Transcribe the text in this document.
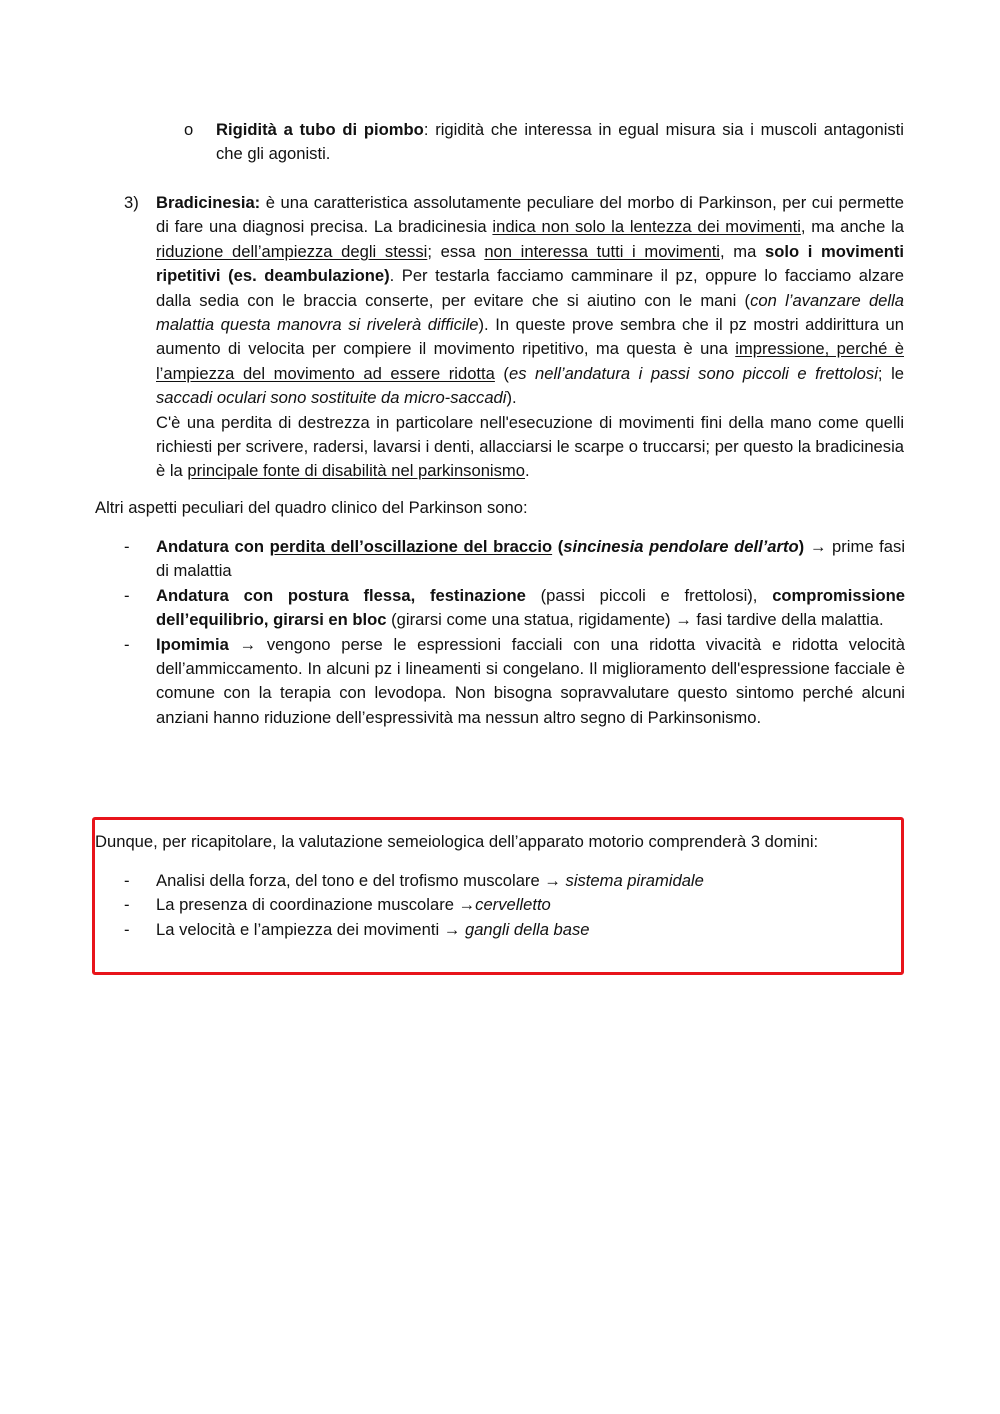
o Rigidità a tubo di piombo: rigidità che interessa in egual misura sia i muscoli antagonisti che gli agonisti.
3) Bradicinesia: è una caratteristica assolutamente peculiare del morbo di Parkinson, per cui permette di fare una diagnosi precisa. La bradicinesia indica non solo la lentezza dei movimenti, ma anche la riduzione dell’ampiezza degli stessi; essa non interessa tutti i movimenti, ma solo i movimenti ripetitivi (es. deambulazione). Per testarla facciamo camminare il pz, oppure lo facciamo alzare dalla sedia con le braccia conserte, per evitare che si aiutino con le mani (con l’avanzare della malattia questa manovra si rivelerà difficile). In queste prove sembra che il pz mostri addirittura un aumento di velocita per compiere il movimento ripetitivo, ma questa è una impressione, perché è l’ampiezza del movimento ad essere ridotta (es nell’andatura i passi sono piccoli e frettolosi; le saccadi oculari sono sostituite da micro-saccadi).
C'è una perdita di destrezza in particolare nell'esecuzione di movimenti fini della mano come quelli richiesti per scrivere, radersi, lavarsi i denti, allacciarsi le scarpe o truccarsi; per questo la bradicinesia è la principale fonte di disabilità nel parkinsonismo.
Altri aspetti peculiari del quadro clinico del Parkinson sono:
- Andatura con perdita dell’oscillazione del braccio (sincinesia pendolare dell’arto) → prime fasi di malattia
- Andatura con postura flessa, festinazione (passi piccoli e frettolosi), compromissione dell’equilibrio, girarsi en bloc (girarsi come una statua, rigidamente) → fasi tardive della malattia.
- Ipomimia → vengono perse le espressioni facciali con una ridotta vivacità e ridotta velocità dell’ammiccamento. In alcuni pz i lineamenti si congelano. Il miglioramento dell'espressione facciale è comune con la terapia con levodopa. Non bisogna sopravvalutare questo sintomo perché alcuni anziani hanno riduzione dell’espressività ma nessun altro segno di Parkinsonismo.
Dunque, per ricapitolare, la valutazione semeiologica dell’apparato motorio comprenderà 3 domini:
- Analisi della forza, del tono e del trofismo muscolare → sistema piramidale
- La presenza di coordinazione muscolare →cervelletto
- La velocità e l’ampiezza dei movimenti → gangli della base
